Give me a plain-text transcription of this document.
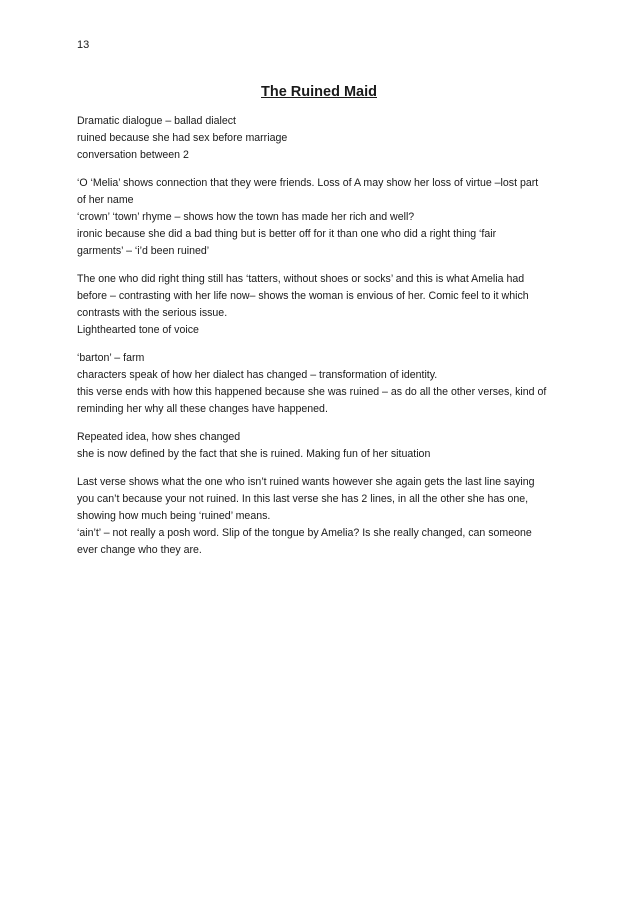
13
The Ruined Maid
Dramatic dialogue – ballad dialect
ruined because she had sex before marriage
conversation between 2
‘O ‘Melia’ shows connection that they were friends. Loss of A may show her loss of virtue –lost part
of her name
‘crown’ ‘town’ rhyme – shows how the town has made her rich and well?
ironic because she did a bad thing but is better off for it than one who did a right thing ‘fair
garments’ – ‘i’d been ruined’
The one who did right thing still has ‘tatters, without shoes or socks’ and this is what Amelia had
before – contrasting with her life now– shows the woman is envious of her. Comic feel to it which
contrasts with the serious issue.
Lighthearted tone of voice
‘barton’ – farm
characters speak of how her dialect has changed – transformation of identity.
this verse ends with how this happened because she was ruined – as do all the other verses, kind of
reminding her why all these changes have happened.
Repeated idea, how shes changed
she is now defined by the fact that she is ruined. Making fun of her situation
Last verse shows what the one who isn’t ruined wants however she again gets the last line saying
you can’t because your not ruined. In this last verse she has 2 lines, in all the other she has one,
showing how much being ‘ruined’ means.
‘ain’t’ – not really a posh word. Slip of the tongue by Amelia? Is she really changed, can someone
ever change who they are.
